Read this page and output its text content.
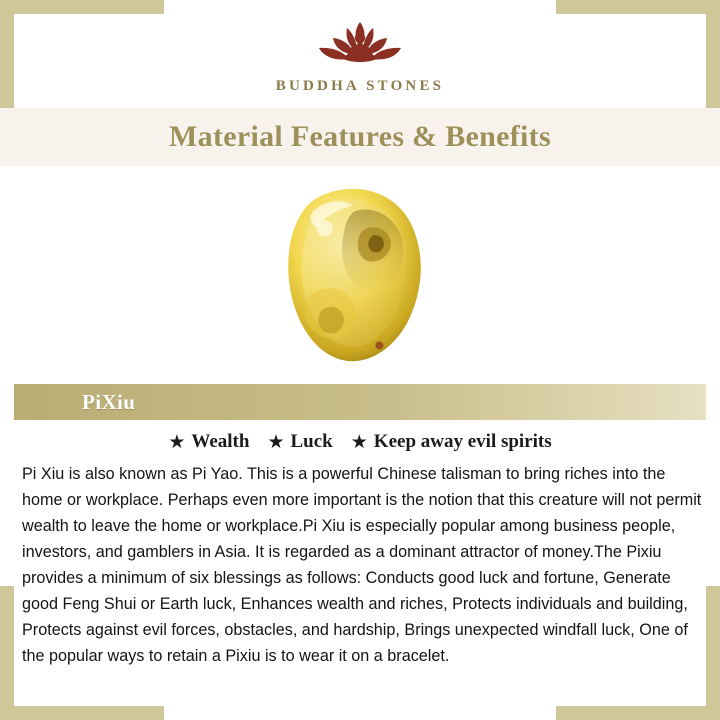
BUDDHA STONES
Material Features & Benefits
PiXiu
★ Wealth ★ Luck ★ Keep away evil spirits
Pi Xiu is also known as Pi Yao. This is a powerful Chinese talisman to bring riches into the home or workplace. Perhaps even more important is the notion that this creature will not permit wealth to leave the home or workplace.Pi Xiu is especially popular among business people, investors, and gamblers in Asia. It is regarded as a dominant attractor of money.The Pixiu provides a minimum of six blessings as follows: Conducts good luck and fortune, Generate good Feng Shui or Earth luck, Enhances wealth and riches, Protects individuals and building, Protects against evil forces, obstacles, and hardship, Brings unexpected windfall luck, One of the popular ways to retain a Pixiu is to wear it on a bracelet.
